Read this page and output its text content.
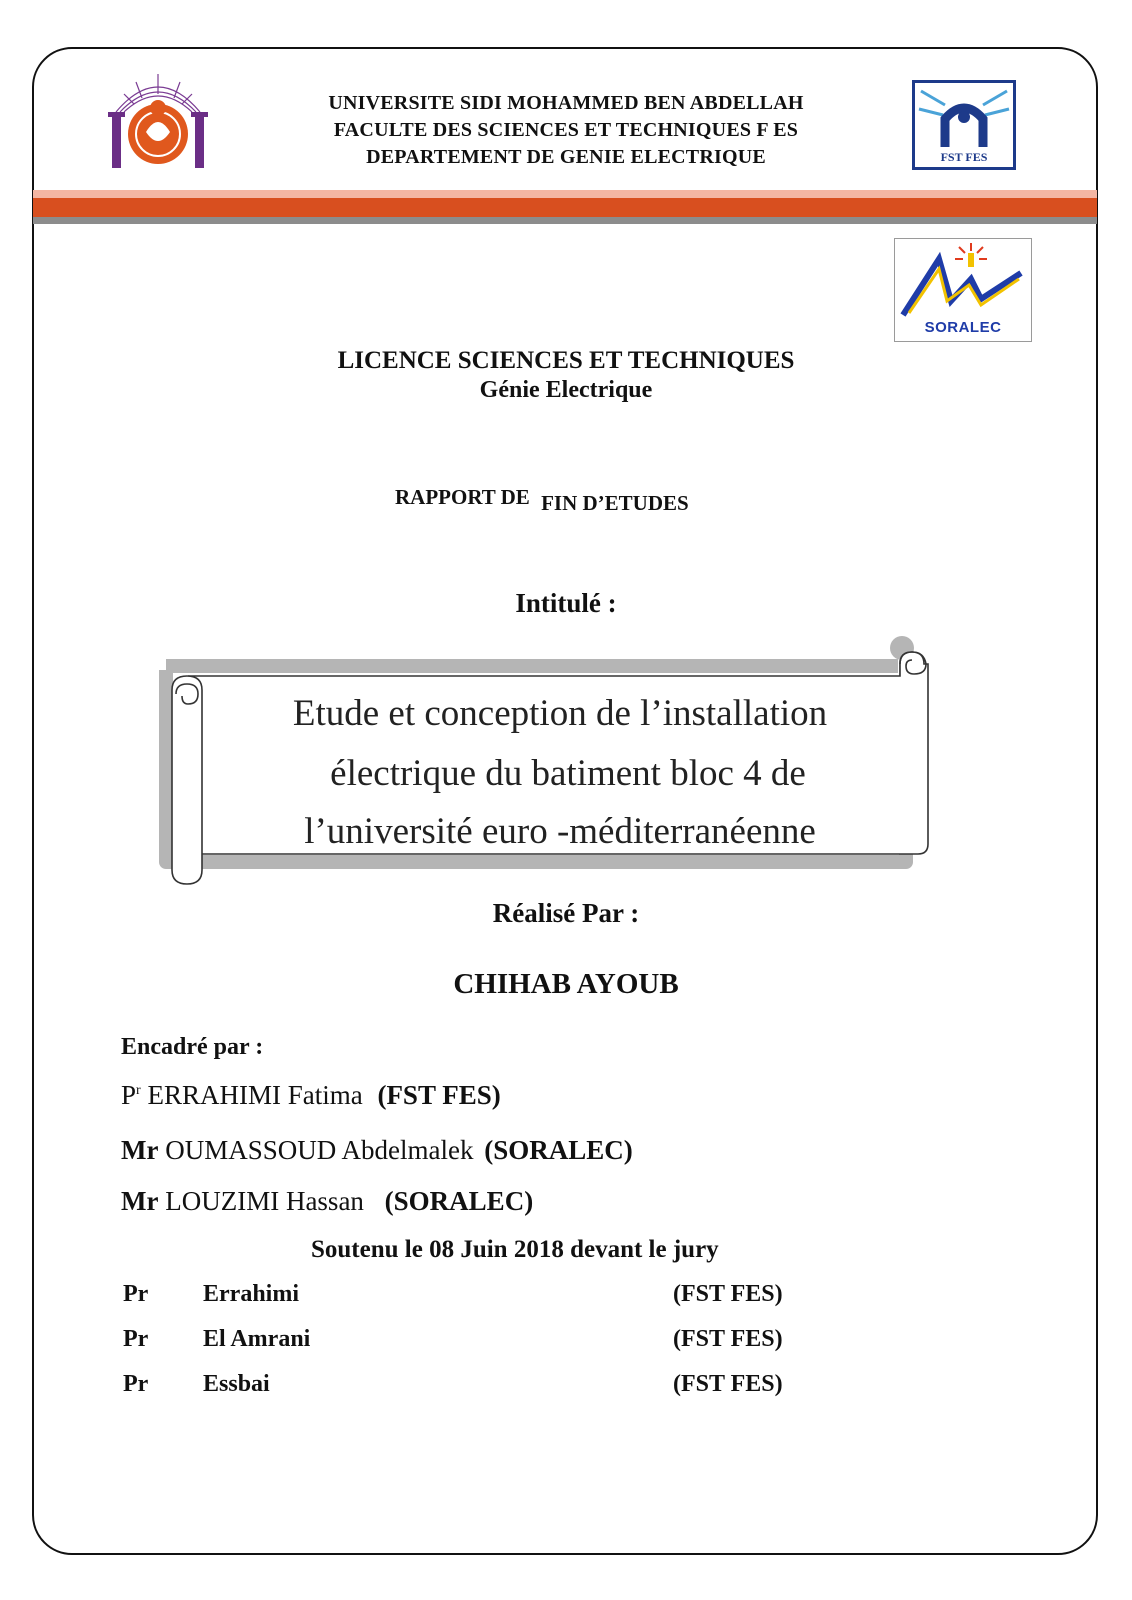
UNIVERSITE SIDI MOHAMMED BEN ABDELLAH
FACULTE DES SCIENCES ET TECHNIQUES F ES
DEPARTEMENT DE GENIE ELECTRIQUE	FST FES
SORALEC
LICENCE SCIENCES ET TECHNIQUES
Génie Electrique
RAPPORT DE FIN D’ETUDES
Intitulé :
Etude et conception de l’installation
électrique du batiment bloc 4 de
l’université euro -méditerranéenne
Réalisé Par :
CHIHAB AYOUB
Encadré par :
$P^r$ ERRAHIMI Fatima (FST FES)
Mr OUMASSOUD Abdelmalek (SORALEC)
Mr LOUZIMI Hassan (SORALEC)
Soutenu le 08 Juin 2018 devant le jury
Pr Errahimi	(FST FES)
Pr El Amrani	(FST FES)
Pr Essbai	(FST FES)
